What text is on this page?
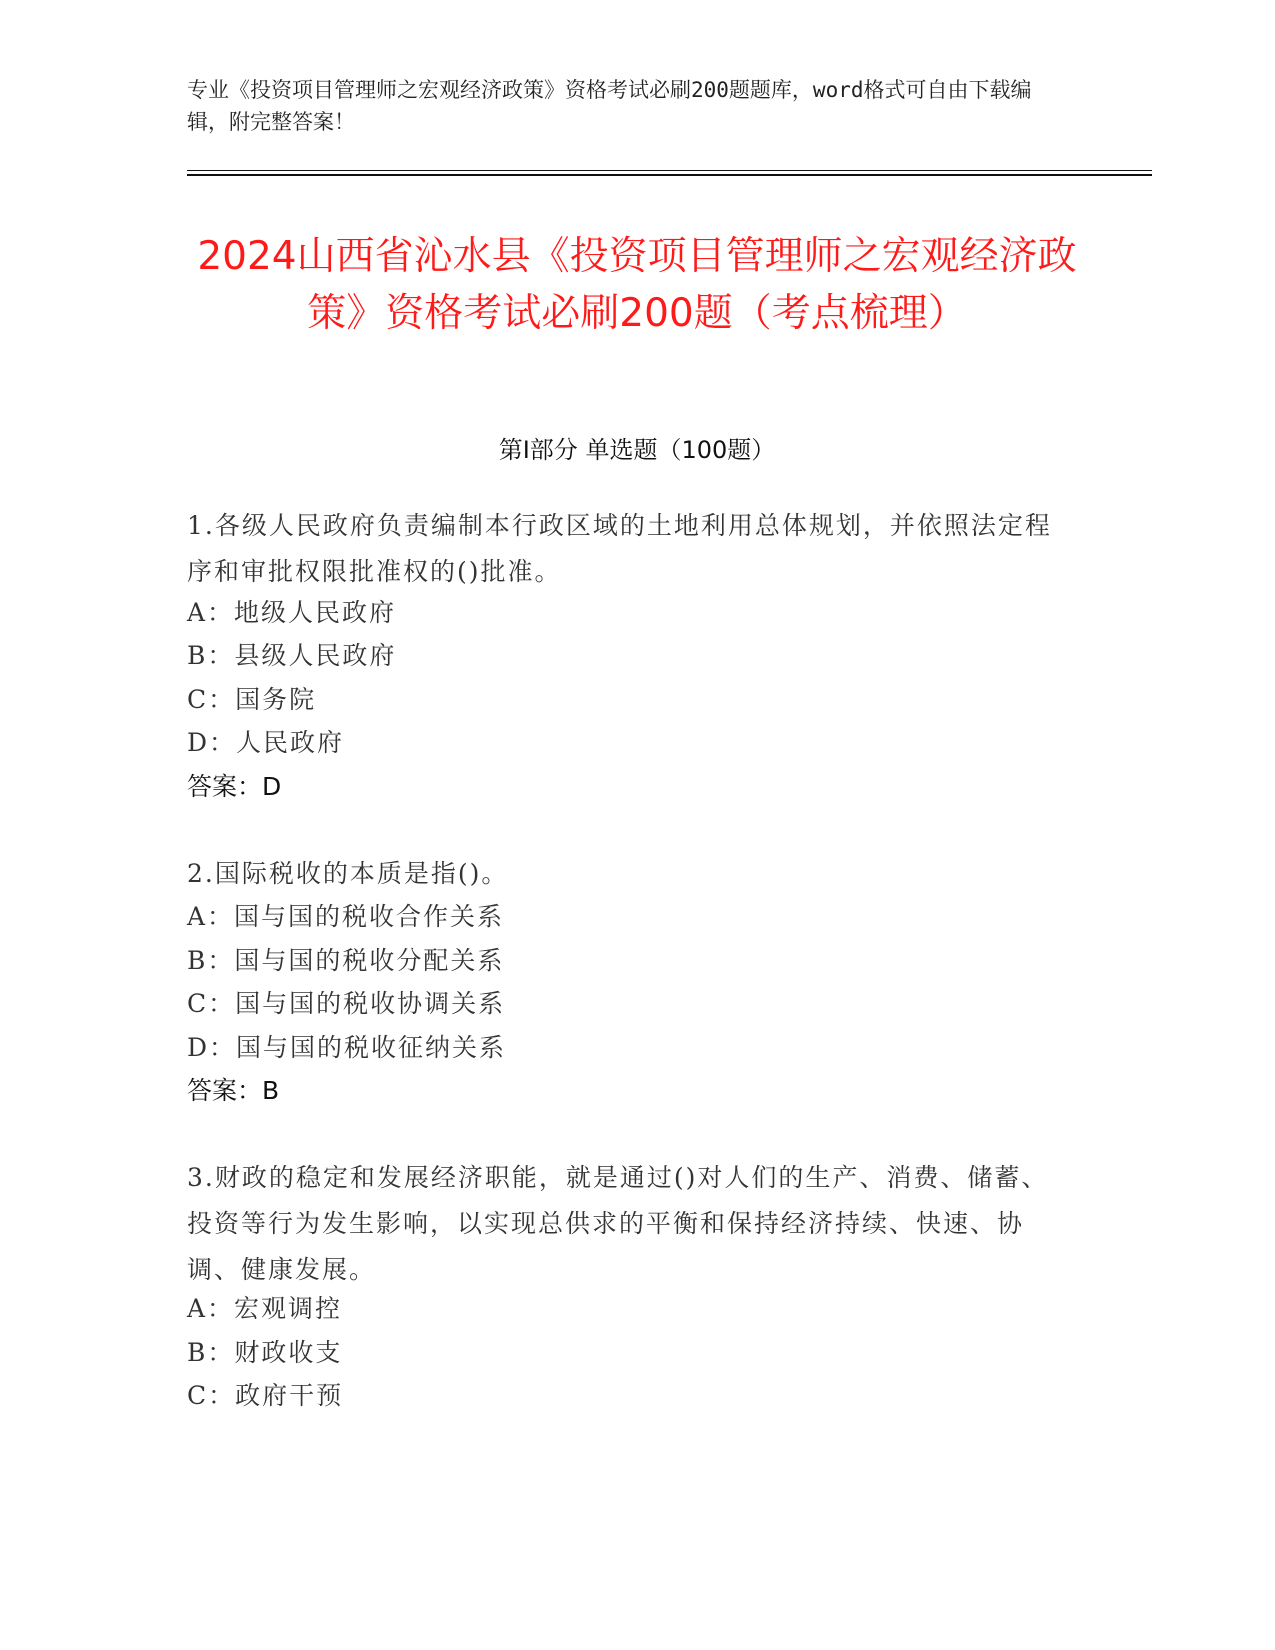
专业《投资项目管理师之宏观经济政策》资格考试必刷200题题库，word格式可自由下载编辑，附完整答案！
2024山西省沁水县《投资项目管理师之宏观经济政策》资格考试必刷200题（考点梳理）
第Ⅰ部分 单选题（100题）
1.各级人民政府负责编制本行政区域的土地利用总体规划，并依照法定程序和审批权限批准权的()批准。
A：地级人民政府
B：县级人民政府
C：国务院
D：人民政府
答案：D
2.国际税收的本质是指()。
A：国与国的税收合作关系
B：国与国的税收分配关系
C：国与国的税收协调关系
D：国与国的税收征纳关系
答案：B
3.财政的稳定和发展经济职能，就是通过()对人们的生产、消费、储蓄、投资等行为发生影响，以实现总供求的平衡和保持经济持续、快速、协调、健康发展。
A：宏观调控
B：财政收支
C：政府干预
